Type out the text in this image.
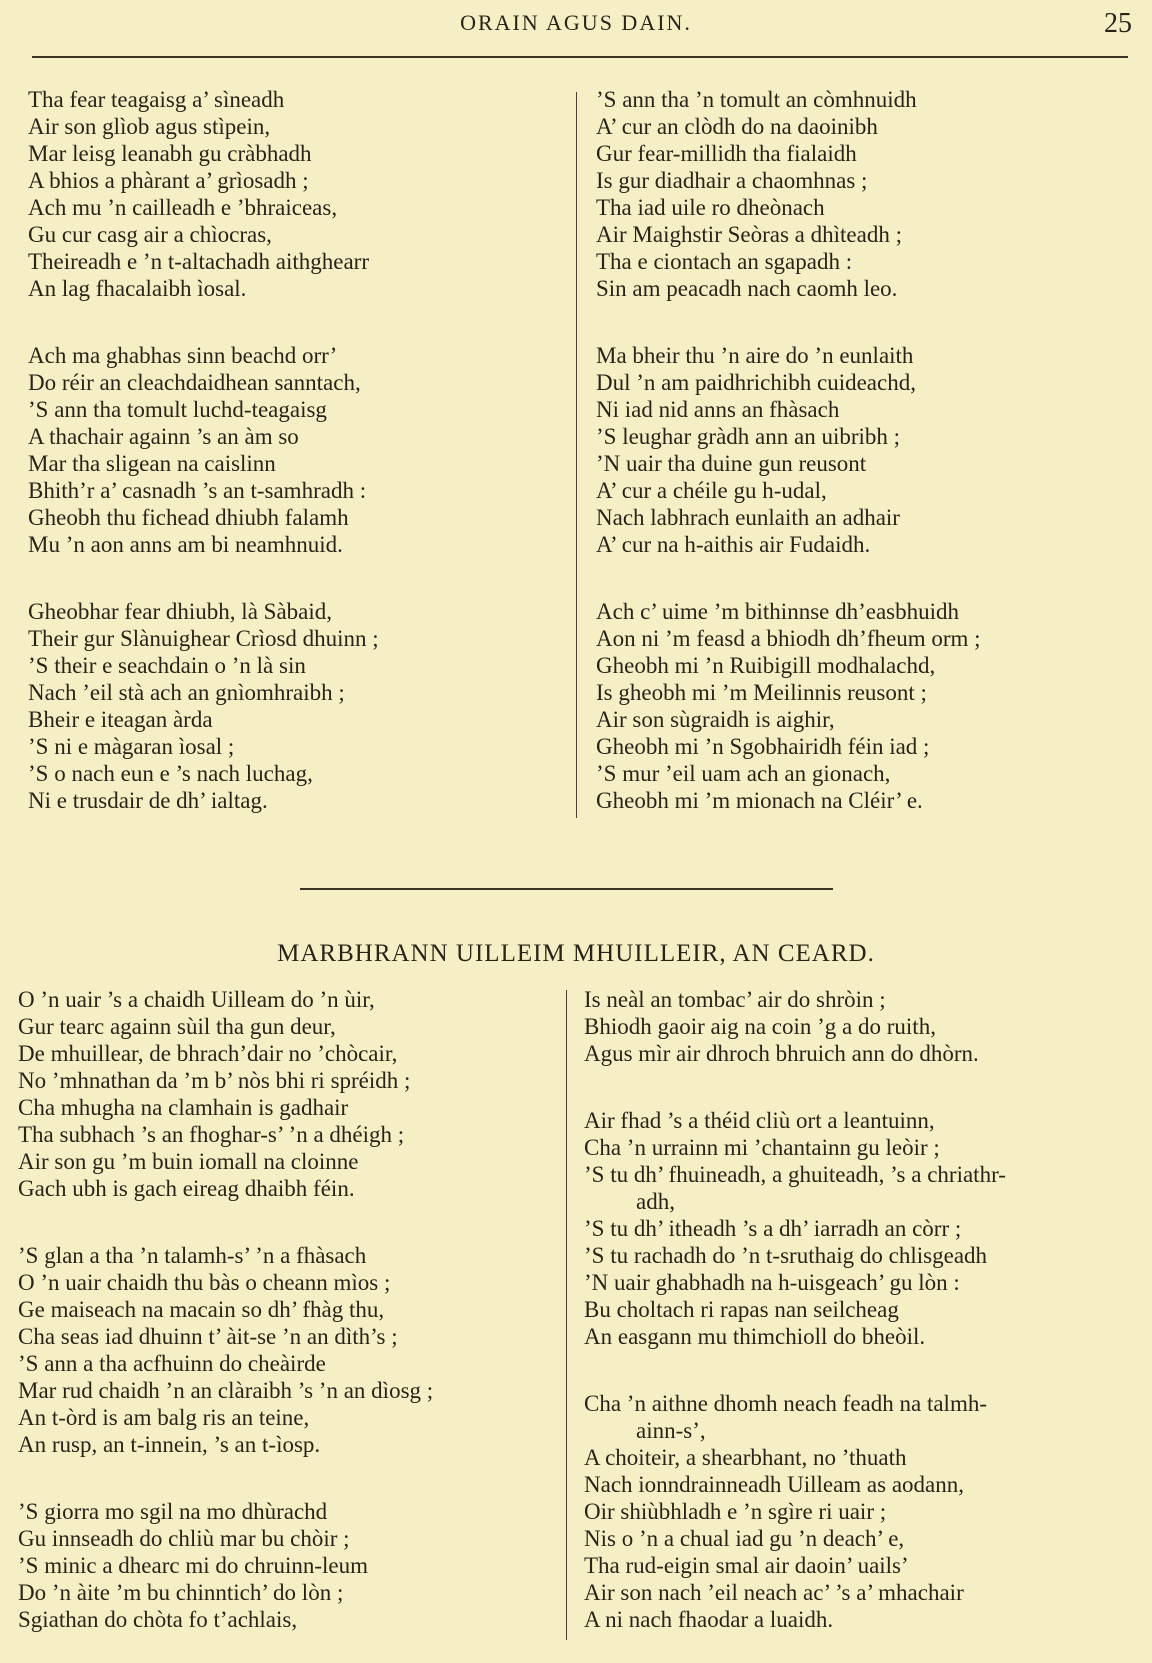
ORAIN AGUS DAIN.	25
Tha fear teagaisg a’ sìneadh
Air son glìob agus stìpein,
Mar leisg leanabh gu cràbhadh
A bhios a phàrant a’ grìosadh ;
Ach mu ’n cailleadh e ’bhraiceas,
Gu cur casg air a chìocras,
Theireadh e ’n t-altachadh aithghearr
An lag fhacalaibh ìosal.
Ach ma ghabhas sinn beachd orr’
Do réir an cleachdaidhean sanntach,
’S ann tha tomult luchd-teagaisg
A thachair againn ’s an àm so
Mar tha sligean na caislinn
Bhith’r a’ casnadh ’s an t-samhradh :
Gheobh thu fichead dhiubh falamh
Mu ’n aon anns am bi neamhnuid.
Gheobhar fear dhiubh, là Sàbaid,
Their gur Slànuighear Crìosd dhuinn ;
’S their e seachdain o ’n là sin
Nach ’eil stà ach an gnìomhraibh ;
Bheir e iteagan àrda
’S ni e màgaran ìosal ;
’S o nach eun e ’s nach luchag,
Ni e trusdair de dh’ ialtag.
’S ann tha ’n tomult an còmhnuidh
A’ cur an clòdh do na daoinibh
Gur fear-millidh tha fialaidh
Is gur diadhair a chaomhnas ;
Tha iad uile ro dheònach
Air Maighstir Seòras a dhìteadh ;
Tha e ciontach an sgapadh :
Sin am peacadh nach caomh leo.
Ma bheir thu ’n aire do ’n eunlaith
Dul ’n am paidhrichibh cuideachd,
Ni iad nid anns an fhàsach
’S leughar gràdh ann an uibribh ;
’N uair tha duine gun reusont
A’ cur a chéile gu h-udal,
Nach labhrach eunlaith an adhair
A’ cur na h-aithis air Fudaidh.
Ach c’ uime ’m bithinnse dh’easbhuidh
Aon ni ’m feasd a bhiodh dh’fheum orm ;
Gheobh mi ’n Ruibigill modhalachd,
Is gheobh mi ’m Meilinnis reusont ;
Air son sùgraidh is aighir,
Gheobh mi ’n Sgobhairidh féin iad ;
’S mur ’eil uam ach an gionach,
Gheobh mi ’m mionach na Cléir’ e.
MARBHRANN UILLEIM MHUILLEIR, AN CEARD.
O ’n uair ’s a chaidh Uilleam do ’n ùir,
Gur tearc againn sùil tha gun deur,
De mhuillear, de bhrach’dair no ’chòcair,
No ’mhnathan da ’m b’ nòs bhi ri spréidh ;
Cha mhugha na clamhain is gadhair
Tha subhach ’s an fhoghar-s’ ’n a dhéigh ;
Air son gu ’m buin iomall na cloinne
Gach ubh is gach eireag dhaibh féin.
’S glan a tha ’n talamh-s’ ’n a fhàsach
O ’n uair chaidh thu bàs o cheann mìos ;
Ge maiseach na macain so dh’ fhàg thu,
Cha seas iad dhuinn t’ àit-se ’n an dìth’s ;
’S ann a tha acfhuinn do cheàirde
Mar rud chaidh ’n an clàraibh ’s ’n an dìosg ;
An t-òrd is am balg ris an teine,
An rusp, an t-innein, ’s an t-ìosp.
’S giorra mo sgil na mo dhùrachd
Gu innseadh do chliù mar bu chòir ;
’S minic a dhearc mi do chruinn-leum
Do ’n àite ’m bu chinntich’ do lòn ;
Sgiathan do chòta fo t’achlais,
Is neàl an tombac’ air do shròin ;
Bhiodh gaoir aig na coin ’g a do ruith,
Agus mìr air dhroch bhruich ann do dhòrn.
Air fhad ’s a théid cliù ort a leantuinn,
Cha ’n urrainn mi ’chantainn gu leòir ;
’S tu dh’ fhuineadh, a ghuiteadh, ’s a chriathr-
adh,
’S tu dh’ itheadh ’s a dh’ iarradh an còrr ;
’S tu rachadh do ’n t-sruthaig do chlisgeadh
’N uair ghabhadh na h-uisgeach’ gu lòn :
Bu choltach ri rapas nan seilcheag
An easgann mu thimchioll do bheòil.
Cha ’n aithne dhomh neach feadh na talmh-
ainn-s’,
A choiteir, a shearbhant, no ’thuath
Nach ionndrainneadh Uilleam as aodann,
Oir shiùbhladh e ’n sgìre ri uair ;
Nis o ’n a chual iad gu ’n deach’ e,
Tha rud-eigin smal air daoin’ uails’
Air son nach ’eil neach ac’ ’s a’ mhachair
A ni nach fhaodar a luaidh.
